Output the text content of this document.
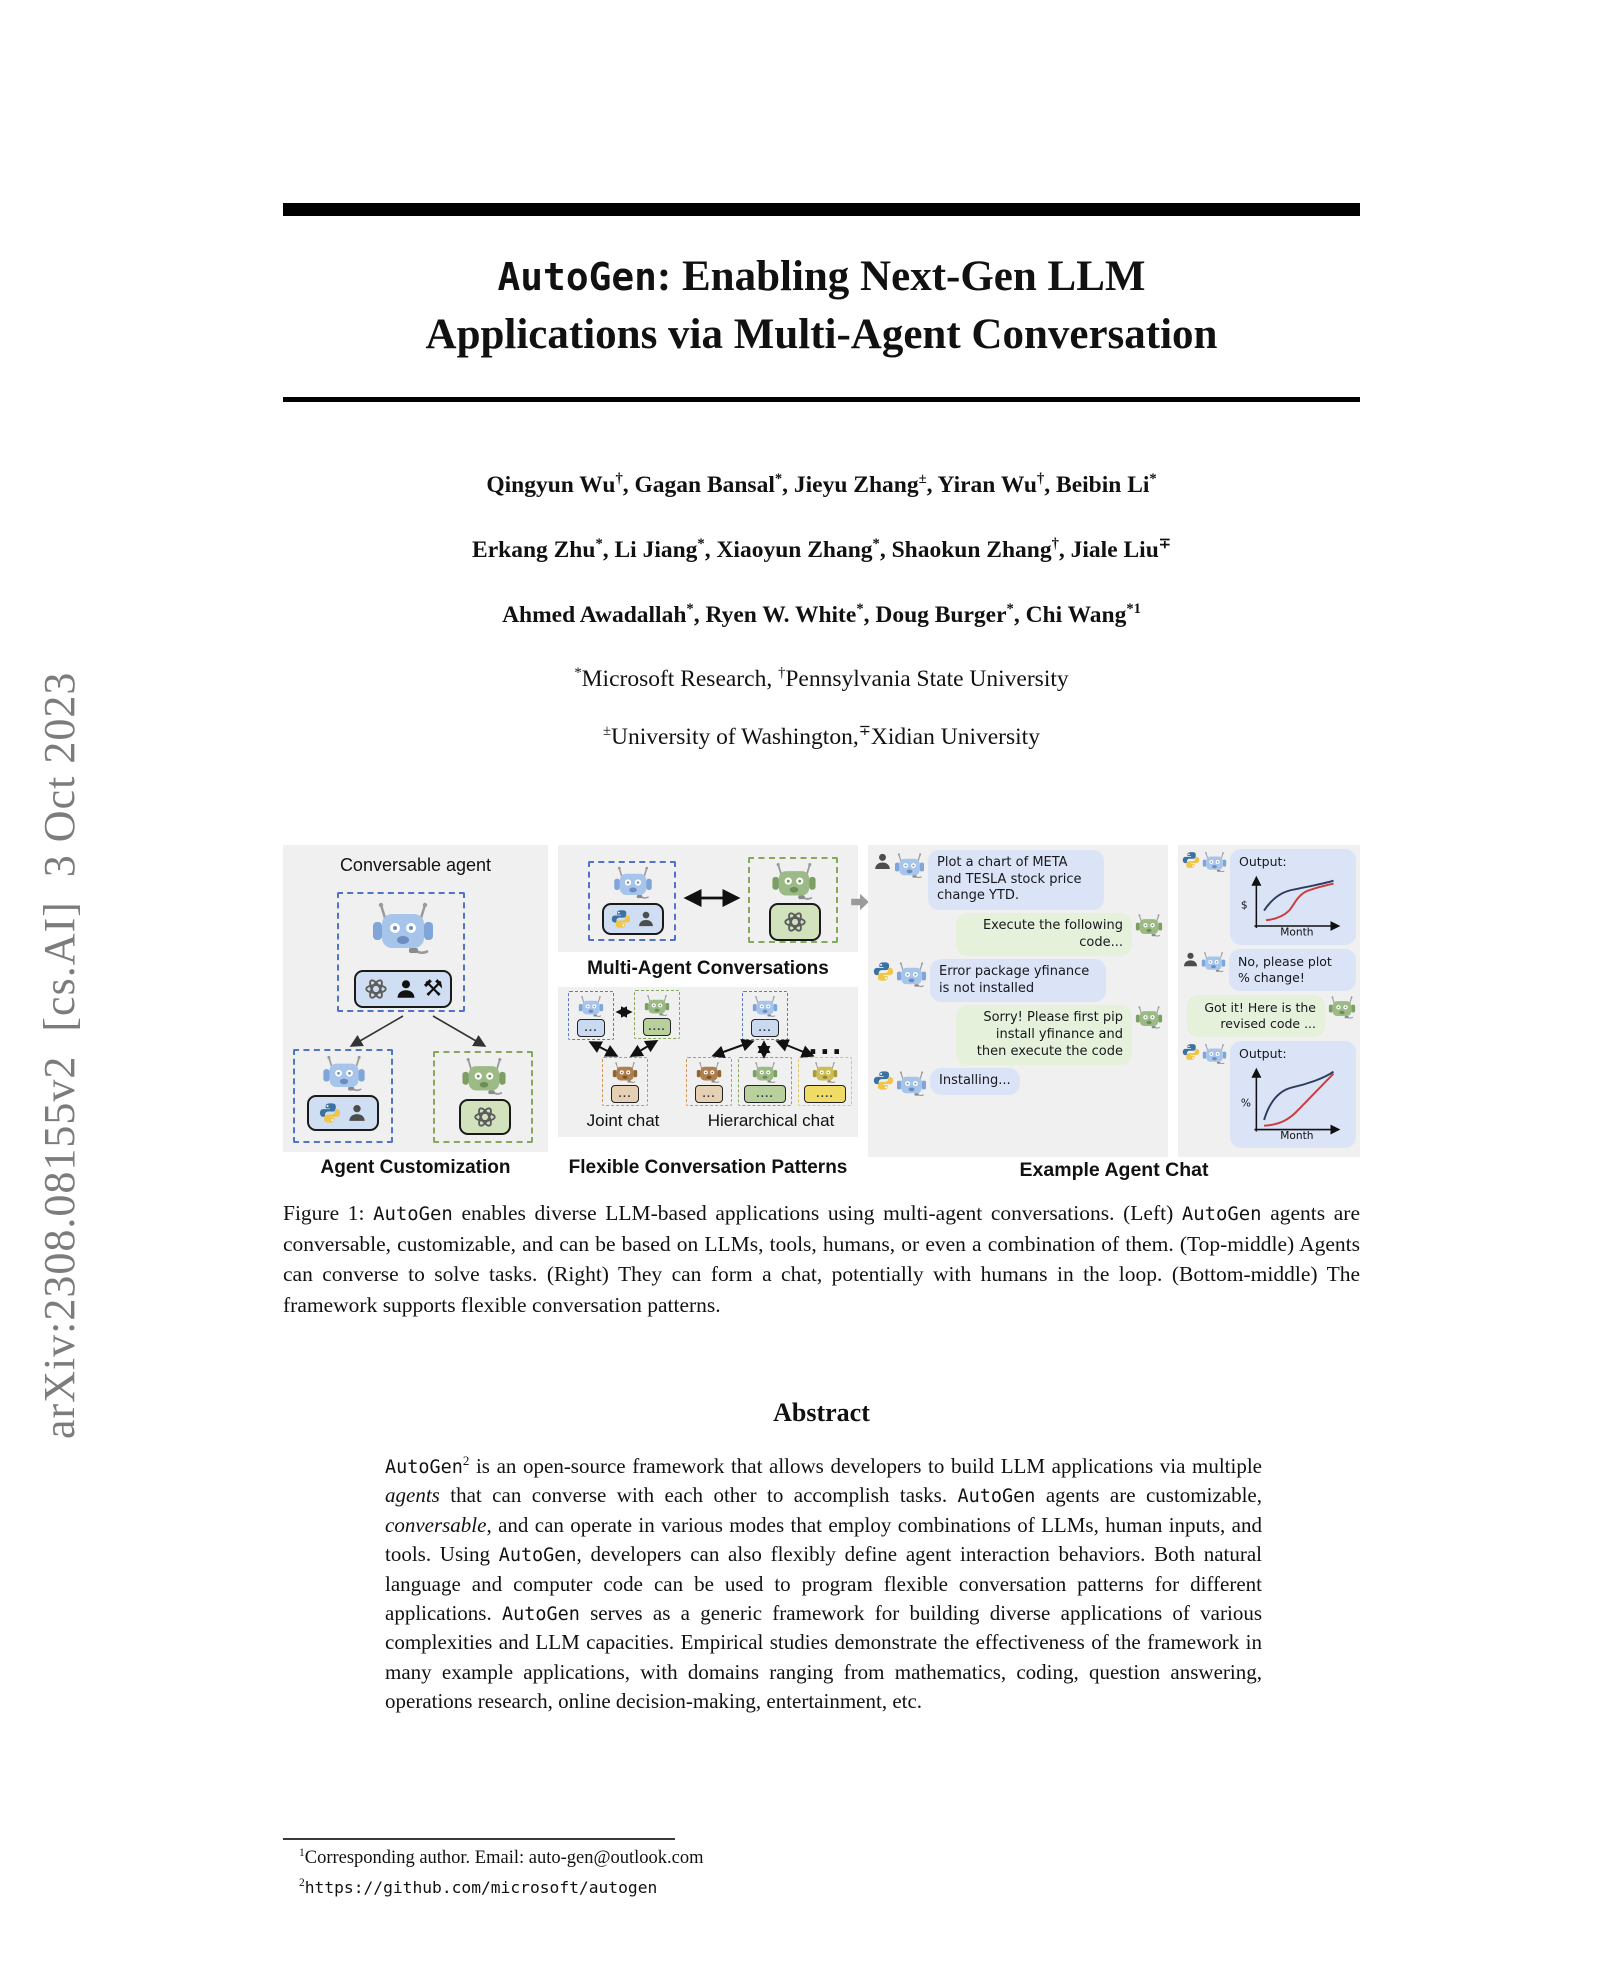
arXiv:2308.08155v2  [cs.AI]  3 Oct 2023
AutoGen: Enabling Next-Gen LLM
Applications via Multi-Agent Conversation
Qingyun Wu†, Gagan Bansal*, Jieyu Zhang±, Yiran Wu†, Beibin Li*
Erkang Zhu*, Li Jiang*, Xiaoyun Zhang*, Shaokun Zhang†, Jiale Liu∓
Ahmed Awadallah*, Ryen W. White*, Doug Burger*, Chi Wang$^{*1}$
*Microsoft Research, †Pennsylvania State University
±University of Washington,∓Xidian University
Conversable agent
⚒
Agent Customization
Multi-Agent Conversations
...	....
...
...
...	....	....
...
Joint chat	Hierarchical chat
Flexible Conversation Patterns
Plot a chart of META and TESLA stock price change YTD.
Execute the following code...
Error package yfinance is not installed
Sorry! Please first pip install yfinance and then execute the code
Installing...
Output:
$
Month
No, please plot % change!
Got it! Here is the revised code ...
Output:
%
Month
Example Agent Chat
Figure 1: AutoGen enables diverse LLM-based applications using multi-agent conversations. (Left) AutoGen agents are conversable, customizable, and can be based on LLMs, tools, humans, or even a combination of them. (Top-middle) Agents can converse to solve tasks. (Right) They can form a chat, potentially with humans in the loop. (Bottom-middle) The framework supports flexible conversation patterns.
Abstract
AutoGen$^2$ is an open-source framework that allows developers to build LLM applications via multiple agents that can converse with each other to accomplish tasks. AutoGen agents are customizable, conversable, and can operate in various modes that employ combinations of LLMs, human inputs, and tools. Using AutoGen, developers can also flexibly define agent interaction behaviors. Both natural language and computer code can be used to program flexible conversation patterns for different applications. AutoGen serves as a generic framework for building diverse applications of various complexities and LLM capacities. Empirical studies demonstrate the effectiveness of the framework in many example applications, with domains ranging from mathematics, coding, question answering, operations research, online decision-making, entertainment, etc.
$^1$Corresponding author. Email: auto-gen@outlook.com
$^2$https://github.com/microsoft/autogen
